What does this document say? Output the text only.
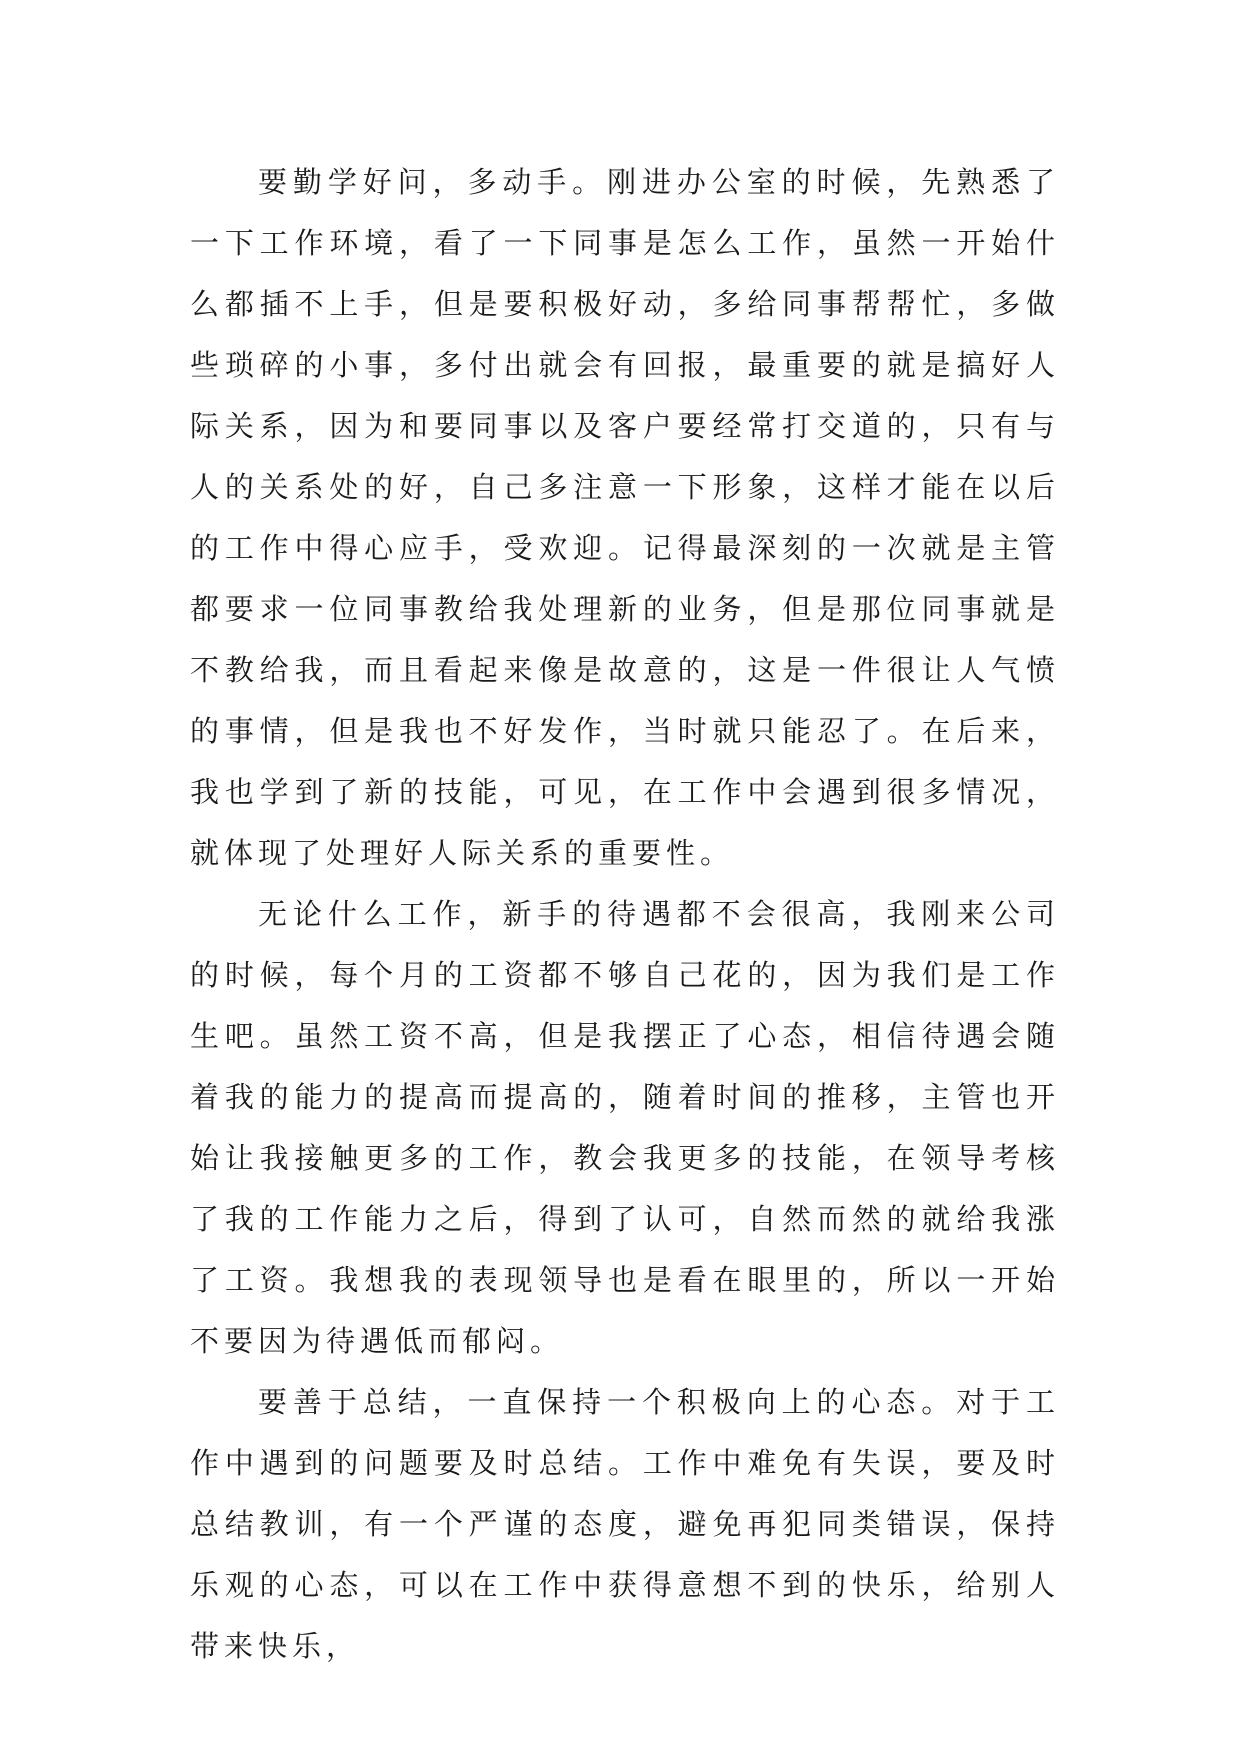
要勤学好问，多动手。刚进办公室的时候，先熟悉了一下工作环境，看了一下同事是怎么工作，虽然一开始什么都插不上手，但是要积极好动，多给同事帮帮忙，多做些琐碎的小事，多付出就会有回报，最重要的就是搞好人际关系，因为和要同事以及客户要经常打交道的，只有与人的关系处的好，自己多注意一下形象，这样才能在以后的工作中得心应手，受欢迎。记得最深刻的一次就是主管都要求一位同事教给我处理新的业务，但是那位同事就是不教给我，而且看起来像是故意的，这是一件很让人气愤的事情，但是我也不好发作，当时就只能忍了。在后来，我也学到了新的技能，可见，在工作中会遇到很多情况，就体现了处理好人际关系的重要性。

无论什么工作，新手的待遇都不会很高，我刚来公司的时候，每个月的工资都不够自己花的，因为我们是工作生吧。虽然工资不高，但是我摆正了心态，相信待遇会随着我的能力的提高而提高的，随着时间的推移，主管也开始让我接触更多的工作，教会我更多的技能，在领导考核了我的工作能力之后，得到了认可，自然而然的就给我涨了工资。我想我的表现领导也是看在眼里的，所以一开始不要因为待遇低而郁闷。

要善于总结，一直保持一个积极向上的心态。对于工作中遇到的问题要及时总结。工作中难免有失误，要及时总结教训，有一个严谨的态度，避免再犯同类错误，保持乐观的心态，可以在工作中获得意想不到的快乐，给别人带来快乐，
